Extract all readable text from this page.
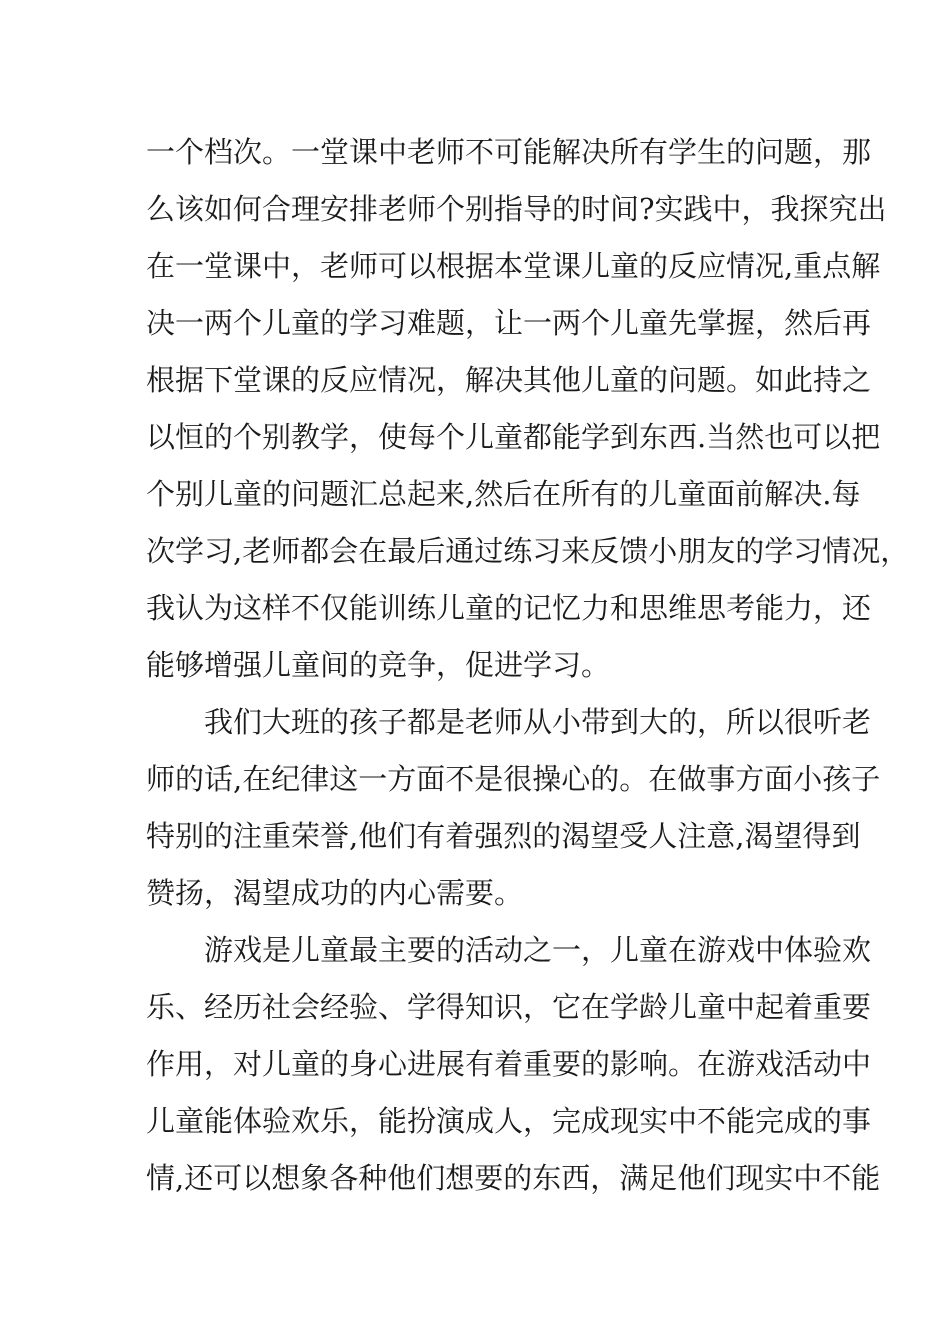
一个档次。一堂课中老师不可能解决所有学生的问题，那
么该如何合理安排老师个别指导的时间?实践中，我探究出
在一堂课中，老师可以根据本堂课儿童的反应情况,重点解
决一两个儿童的学习难题，让一两个儿童先掌握，然后再
根据下堂课的反应情况，解决其他儿童的问题。如此持之
以恒的个别教学，使每个儿童都能学到东西.当然也可以把
个别儿童的问题汇总起来,然后在所有的儿童面前解决.每
次学习,老师都会在最后通过练习来反馈小朋友的学习情况，
我认为这样不仅能训练儿童的记忆力和思维思考能力，还
能够增强儿童间的竞争，促进学习。
我们大班的孩子都是老师从小带到大的，所以很听老
师的话,在纪律这一方面不是很操心的。在做事方面小孩子
特别的注重荣誉,他们有着强烈的渴望受人注意,渴望得到
赞扬，渴望成功的内心需要。
游戏是儿童最主要的活动之一，儿童在游戏中体验欢
乐、经历社会经验、学得知识，它在学龄儿童中起着重要
作用，对儿童的身心进展有着重要的影响。在游戏活动中
儿童能体验欢乐，能扮演成人，完成现实中不能完成的事
情,还可以想象各种他们想要的东西，满足他们现实中不能
